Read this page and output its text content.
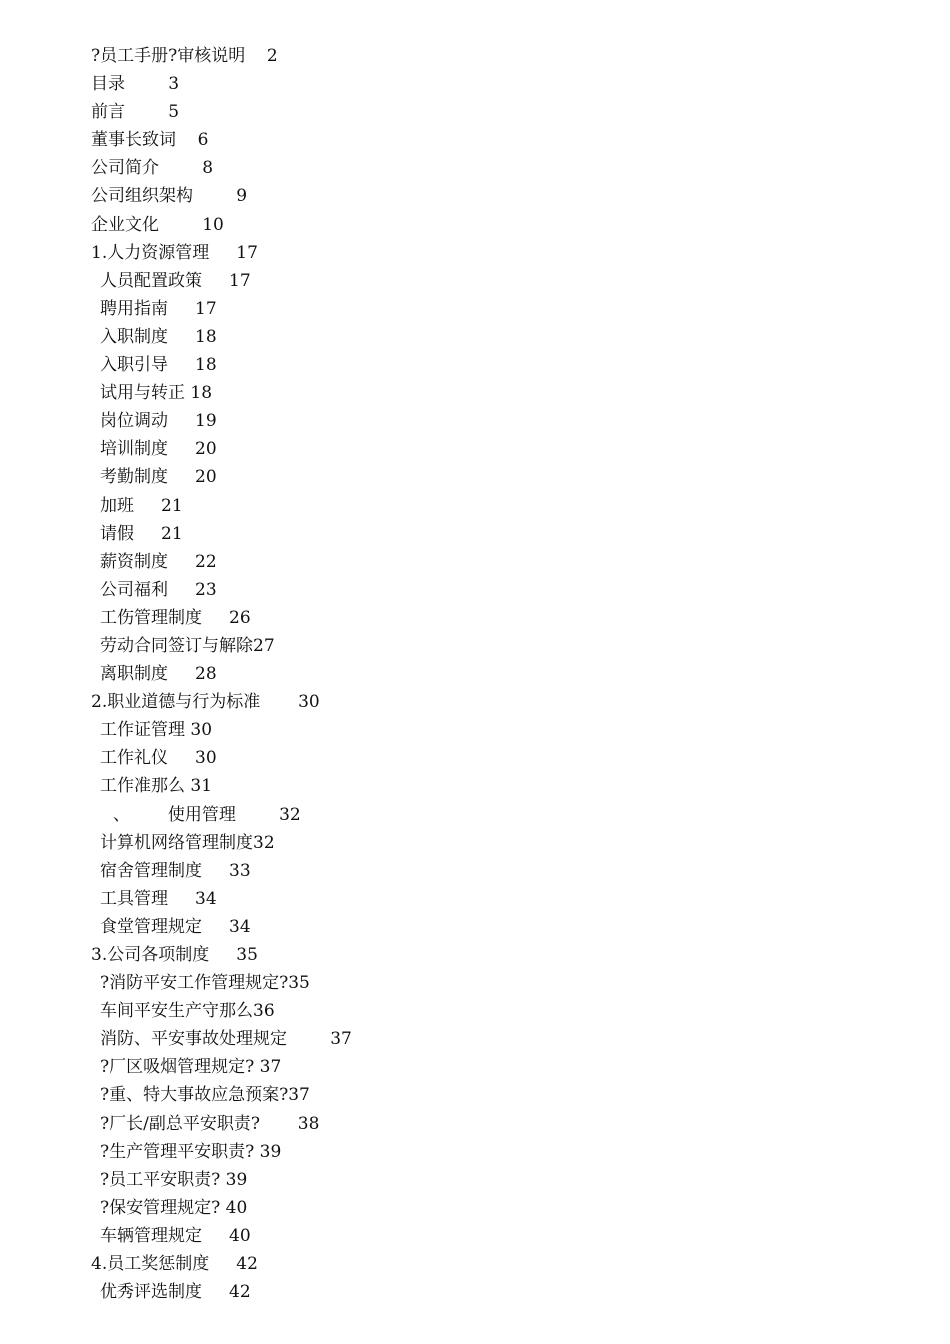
?员工手册?审核说明 2
目录	3
前言	5
董事长致词 6
公司简介	8
公司组织架构	9
企业文化	10
1.人力资源管理 17
人员配置政策 17
聘用指南 17
入职制度 18
入职引导 18
试用与转正 18
岗位调动 19
培训制度 20
考勤制度 20
加班 21
请假 21
薪资制度 22
公司福利 23
工伤管理制度 26
劳动合同签订与解除27
离职制度 28
2.职业道德与行为标准 30
工作证管理 30
工作礼仪 30
工作准那么 31
、       使用管理	32
计算机网络管理制度32
宿舍管理制度 33
工具管理 34
食堂管理规定 34
3.公司各项制度 35
?消防平安工作管理规定?35
车间平安生产守那么36
消防、平安事故处理规定	37
?厂区吸烟管理规定? 37
?重、特大事故应急预案?37
?厂长/副总平安职责? 38
?生产管理平安职责? 39
?员工平安职责? 39
?保安管理规定? 40
车辆管理规定 40
4.员工奖惩制度 42
优秀评选制度 42
